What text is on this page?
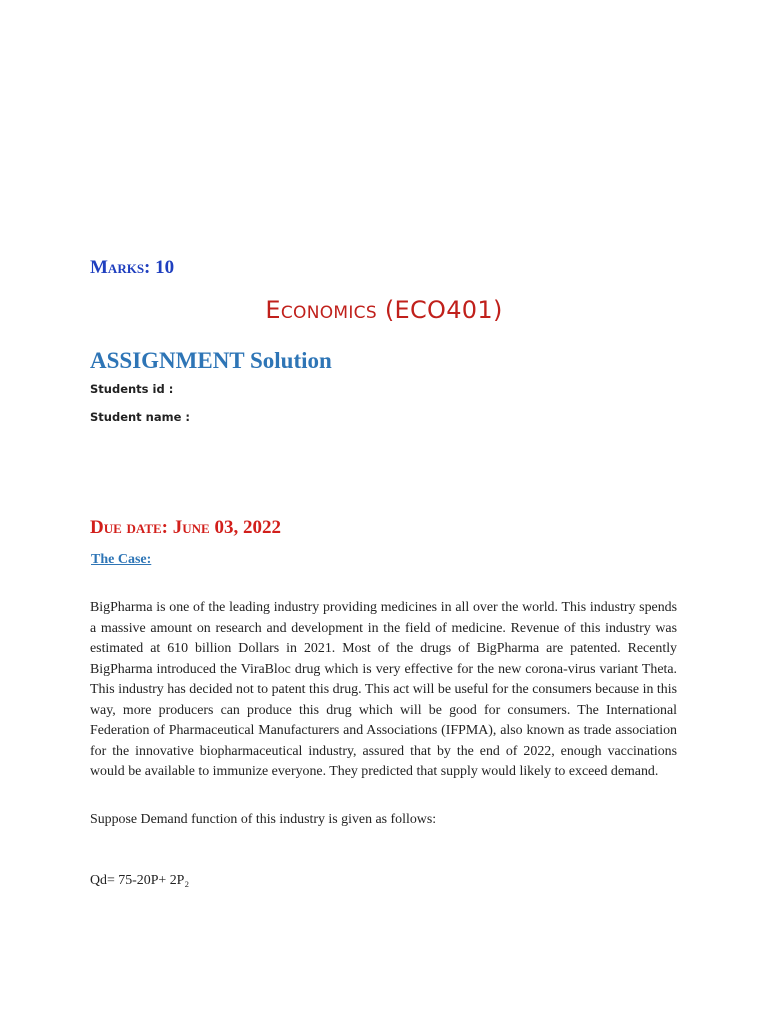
Marks: 10
Economics (ECO401)
ASSIGNMENT Solution
Students id :
Student name :
Due date: June 03, 2022
The Case:

BigPharma is one of the leading industry providing medicines in all over the world. This industry spends a massive amount on research and development in the field of medicine. Revenue of this industry was estimated at 610 billion Dollars in 2021. Most of the drugs of BigPharma are patented. Recently BigPharma introduced the ViraBloc drug which is very effective for the new corona-virus variant Theta. This industry has decided not to patent this drug. This act will be useful for the consumers because in this way, more producers can produce this drug which will be good for consumers. The International Federation of Pharmaceutical Manufacturers and Associations (IFPMA), also known as trade association for the innovative biopharmaceutical industry, assured that by the end of 2022, enough vaccinations would be available to immunize everyone. They predicted that supply would likely to exceed demand.

Suppose Demand function of this industry is given as follows:

Qd= 75-20P+ 2P₂
